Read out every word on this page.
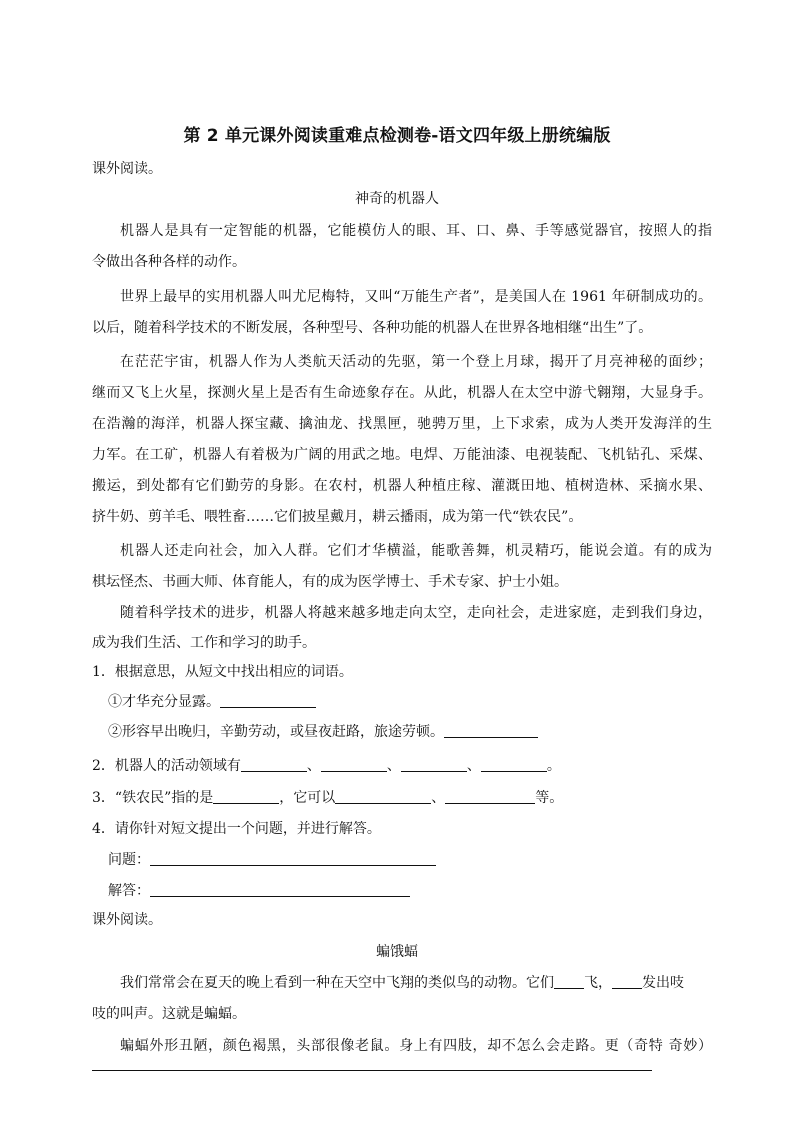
第 2 单元课外阅读重难点检测卷-语文四年级上册统编版
课外阅读。
神奇的机器人
机器人是具有一定智能的机器，它能模仿人的眼、耳、口、鼻、手等感觉器官，按照人的指
令做出各种各样的动作。
世界上最早的实用机器人叫尤尼梅特，又叫“万能生产者”，是美国人在 1961 年研制成功的。
以后，随着科学技术的不断发展，各种型号、各种功能的机器人在世界各地相继“出生”了。
在茫茫宇宙，机器人作为人类航天活动的先驱，第一个登上月球，揭开了月亮神秘的面纱；
继而又飞上火星，探测火星上是否有生命迹象存在。从此，机器人在太空中游弋翱翔，大显身手。
在浩瀚的海洋，机器人探宝藏、擒油龙、找黑匣，驰骋万里，上下求索，成为人类开发海洋的生
力军。在工矿，机器人有着极为广阔的用武之地。电焊、万能油漆、电视装配、飞机钻孔、采煤、
搬运，到处都有它们勤劳的身影。在农村，机器人种植庄稼、灌溉田地、植树造林、采摘水果、
挤牛奶、剪羊毛、喂牲畜……它们披星戴月，耕云播雨，成为第一代“铁农民”。
机器人还走向社会，加入人群。它们才华横溢，能歌善舞，机灵精巧，能说会道。有的成为
棋坛怪杰、书画大师、体育能人，有的成为医学博士、手术专家、护士小姐。
随着科学技术的进步，机器人将越来越多地走向太空，走向社会，走进家庭，走到我们身边，
成为我们生活、工作和学习的助手。
1．根据意思，从短文中找出相应的词语。
①才华充分显露。
②形容早出晚归，辛勤劳动，或昼夜赶路，旅途劳顿。
2．机器人的活动领域有	、	、	、	。
3．“铁农民”指的是	，它可以	、	等。
4．请你针对短文提出一个问题，并进行解答。
问题：
解答：
课外阅读。
蝙饿蝠
我们常常会在夏天的晚上看到一种在天空中飞翔的类似鸟的动物。它们 飞， 发出吱
吱的叫声。这就是蝙蝠。
蝙蝠外形丑陋，颜色褐黑，头部很像老鼠。身上有四肢，却不怎么会走路。更（奇特 奇妙）
